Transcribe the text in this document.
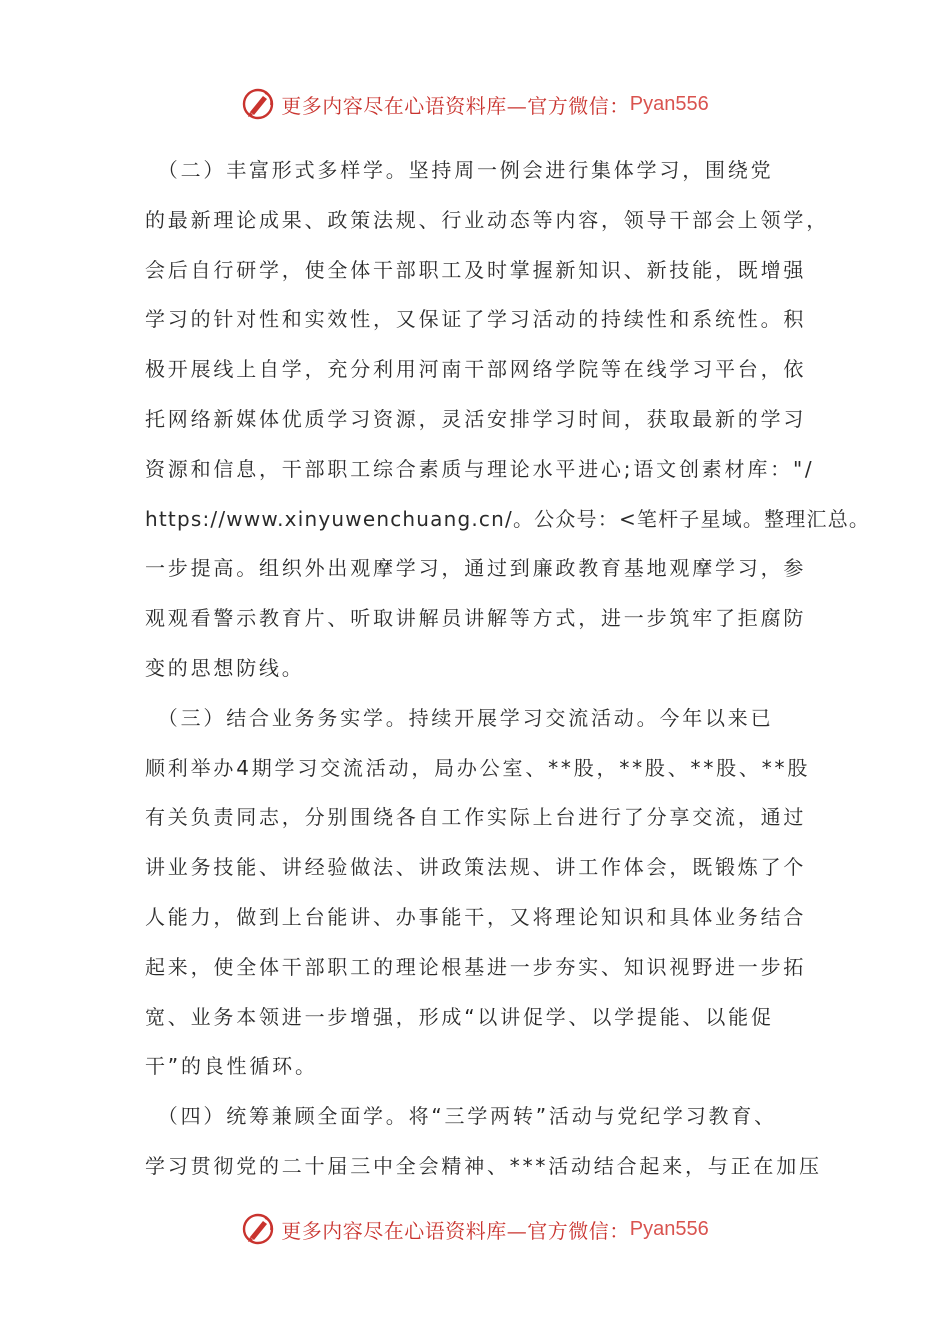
更多内容尽在心语资料库—官方微信： Pyan556
　（二）丰富形式多样学。坚持周一例会进行集体学习，围绕党
的最新理论成果、政策法规、行业动态等内容，领导干部会上领学，
会后自行研学，使全体干部职工及时掌握新知识、新技能，既增强
学习的针对性和实效性，又保证了学习活动的持续性和系统性。积
极开展线上自学，充分利用河南干部网络学院等在线学习平台，依
托网络新媒体优质学习资源，灵活安排学习时间，获取最新的学习
资源和信息，干部职工综合素质与理论水平进心;语文创素材库："/
https://www.xinyuwenchuang.cn/。公众号：<笔杆子星域。整理汇总。
一步提高。组织外出观摩学习，通过到廉政教育基地观摩学习，参
观观看警示教育片、听取讲解员讲解等方式，进一步筑牢了拒腐防
变的思想防线。
　（三）结合业务务实学。持续开展学习交流活动。今年以来已
顺利举办4期学习交流活动，局办公室、**股，**股、**股、**股
有关负责同志，分别围绕各自工作实际上台进行了分享交流，通过
讲业务技能、讲经验做法、讲政策法规、讲工作体会，既锻炼了个
人能力，做到上台能讲、办事能干，又将理论知识和具体业务结合
起来，使全体干部职工的理论根基进一步夯实、知识视野进一步拓
宽、业务本领进一步增强，形成“以讲促学、以学提能、以能促
干”的良性循环。
　（四）统筹兼顾全面学。将“三学两转”活动与党纪学习教育、
学习贯彻党的二十届三中全会精神、***活动结合起来，与正在加压
更多内容尽在心语资料库—官方微信： Pyan556
